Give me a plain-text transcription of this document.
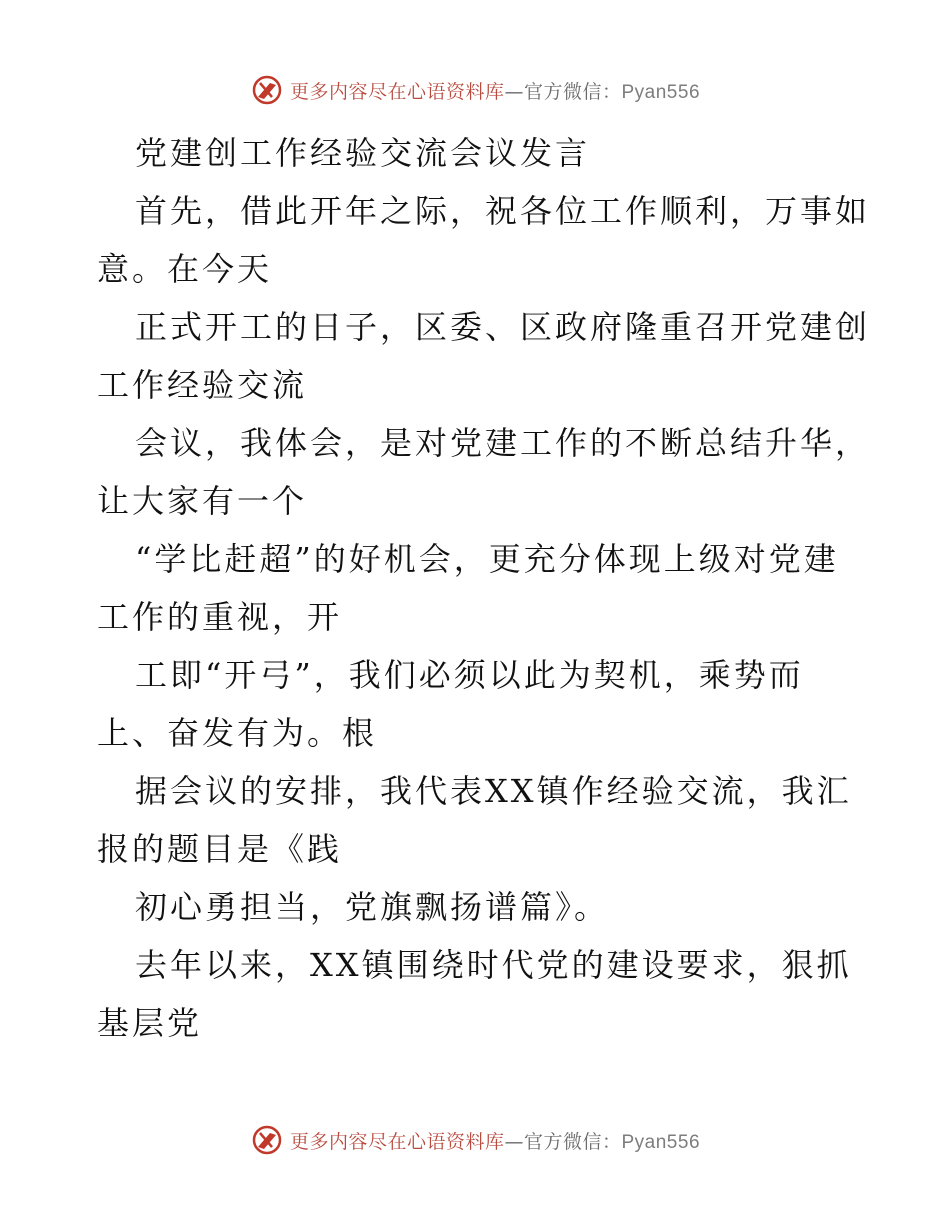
更多内容尽在心语资料库—官方微信：Pyan556
党建创工作经验交流会议发言
首先，借此开年之际，祝各位工作顺利，万事如
意。在今天
正式开工的日子，区委、区政府隆重召开党建创
工作经验交流
会议，我体会，是对党建工作的不断总结升华，
让大家有一个
“学比赶超”的好机会，更充分体现上级对党建
工作的重视，开
工即“开弓”，我们必须以此为契机，乘势而
上、奋发有为。根
据会议的安排，我代表XX镇作经验交流，我汇
报的题目是《践
初心勇担当，党旗飘扬谱篇》。
去年以来，XX镇围绕时代党的建设要求，狠抓
基层党
更多内容尽在心语资料库—官方微信：Pyan556
